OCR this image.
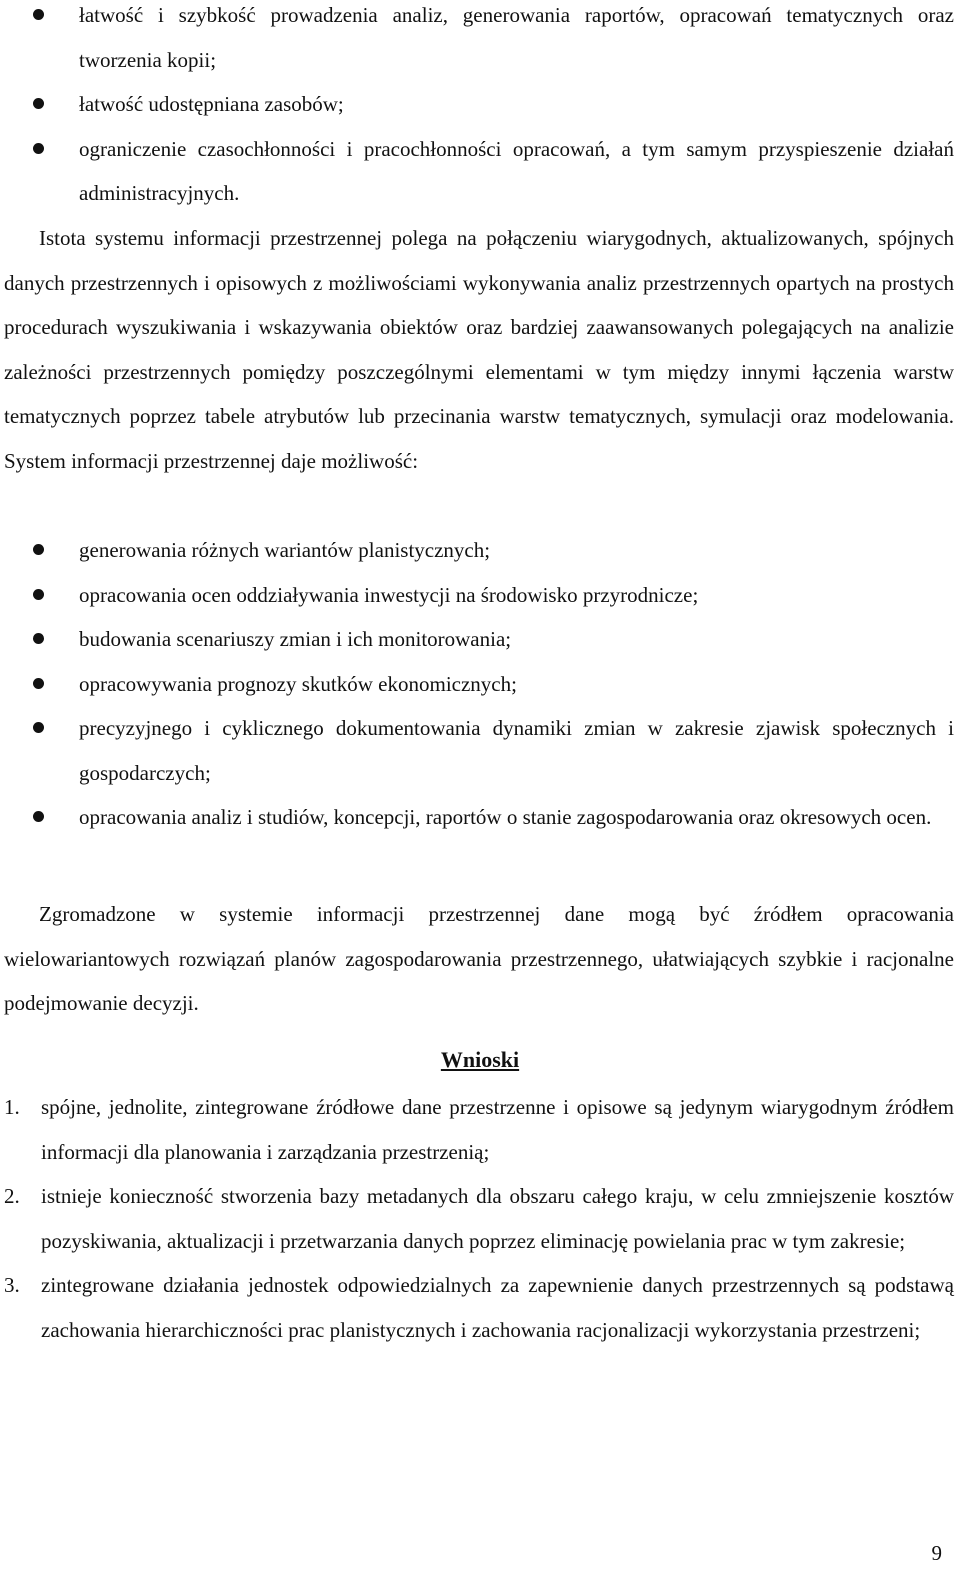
łatwość i szybkość prowadzenia analiz, generowania raportów, opracowań tematycznych oraz tworzenia kopii;
łatwość udostępniana zasobów;
ograniczenie czasochłonności i pracochłonności opracowań, a tym samym przyspieszenie działań administracyjnych.
Istota systemu informacji przestrzennej polega na połączeniu wiarygodnych, aktualizowanych, spójnych danych przestrzennych i opisowych z możliwościami wykonywania analiz przestrzennych opartych na prostych procedurach wyszukiwania i wskazywania obiektów oraz bardziej zaawansowanych polegających na analizie zależności przestrzennych pomiędzy poszczególnymi elementami w tym między innymi łączenia warstw tematycznych poprzez tabele atrybutów lub przecinania warstw tematycznych, symulacji oraz modelowania. System informacji przestrzennej daje możliwość:
generowania różnych wariantów planistycznych;
opracowania ocen oddziaływania inwestycji na środowisko przyrodnicze;
budowania scenariuszy zmian i ich monitorowania;
opracowywania prognozy skutków ekonomicznych;
precyzyjnego i cyklicznego dokumentowania dynamiki zmian w zakresie zjawisk społecznych i gospodarczych;
opracowania analiz i studiów, koncepcji, raportów o stanie zagospodarowania oraz okresowych ocen.
Zgromadzone w systemie informacji przestrzennej dane mogą być źródłem opracowania wielowariantowych rozwiązań planów zagospodarowania przestrzennego, ułatwiających szybkie i racjonalne podejmowanie decyzji.
Wnioski
1. spójne, jednolite, zintegrowane źródłowe dane przestrzenne i opisowe są jedynym wiarygodnym źródłem informacji dla planowania i zarządzania przestrzenią;
2. istnieje konieczność stworzenia bazy metadanych dla obszaru całego kraju, w celu zmniejszenie kosztów pozyskiwania, aktualizacji i przetwarzania danych poprzez eliminację powielania prac w tym zakresie;
3. zintegrowane działania jednostek odpowiedzialnych za zapewnienie danych przestrzennych są podstawą zachowania hierarchiczności prac planistycznych i zachowania racjonalizacji wykorzystania przestrzeni;
9
